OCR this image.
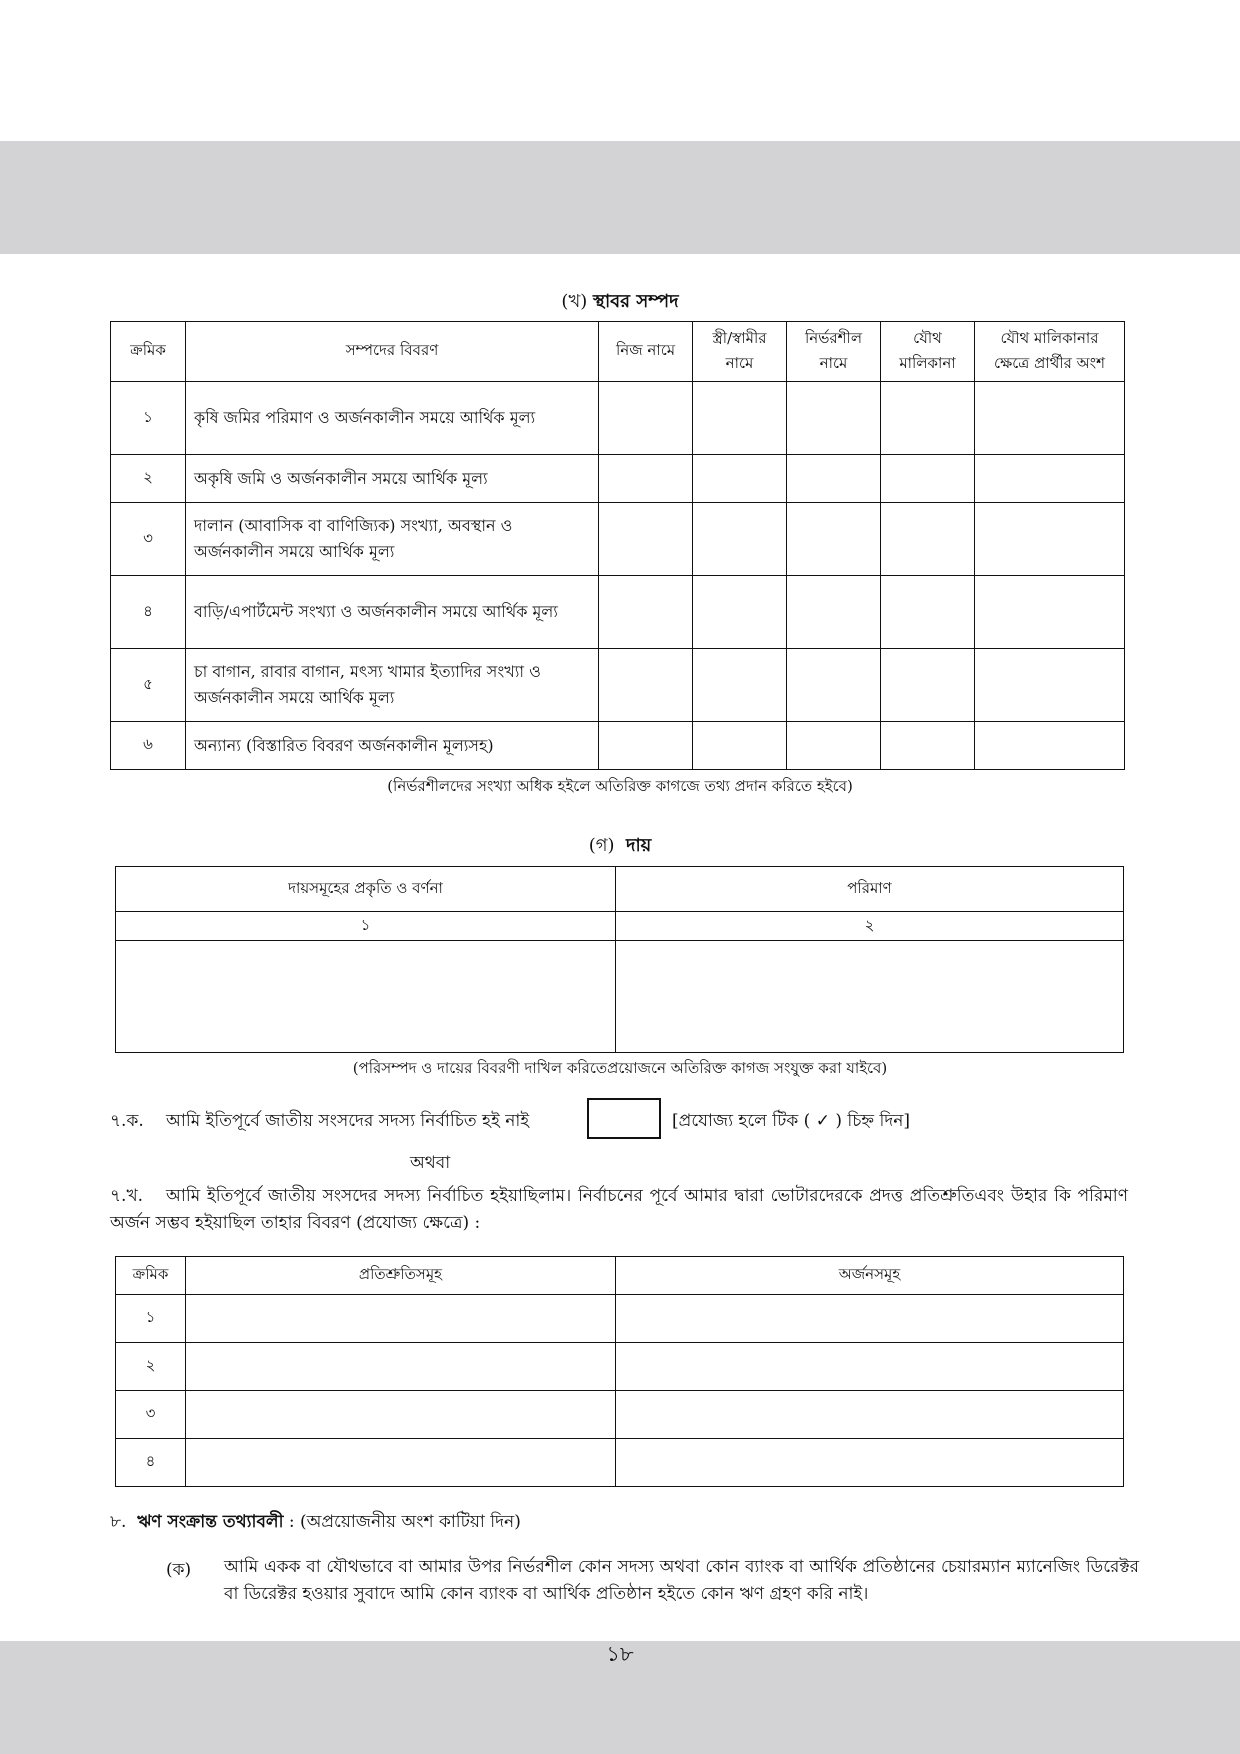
(খ) স্থাবর সম্পদ
ক্রমিক	সম্পদের বিবরণ	নিজ নামে	স্ত্রী/স্বামীর নামে	নির্ভরশীল নামে	যৌথ মালিকানা	যৌথ মালিকানার ক্ষেত্রে প্রার্থীর অংশ
১	কৃষি জমির পরিমাণ ও অর্জনকালীন সময়ে আর্থিক মূল্য					
২	অকৃষি জমি ও অর্জনকালীন সময়ে আর্থিক মূল্য					
৩	দালান (আবাসিক বা বাণিজ্যিক) সংখ্যা, অবস্থান ও অর্জনকালীন সময়ে আর্থিক মূল্য					
৪	বাড়ি/এপার্টমেন্ট সংখ্যা ও অর্জনকালীন সময়ে আর্থিক মূল্য					
৫	চা বাগান, রাবার বাগান, মৎস্য খামার ইত্যাদির সংখ্যা ও অর্জনকালীন সময়ে আর্থিক মূল্য					
৬	অন্যান্য (বিস্তারিত বিবরণ অর্জনকালীন মূল্যসহ)					
(নির্ভরশীলদের সংখ্যা অধিক হইলে অতিরিক্ত কাগজে তথ্য প্রদান করিতে হইবে)
(গ) দায়
দায়সমূহের প্রকৃতি ও বর্ণনা	পরিমাণ
১	২

(পরিসম্পদ ও দায়ের বিবরণী দাখিল করিতেপ্রয়োজনে অতিরিক্ত কাগজ সংযুক্ত করা যাইবে)
৭.ক. আমি ইতিপূর্বে জাতীয় সংসদের সদস্য নির্বাচিত হই নাই	[প্রযোজ্য হলে টিক ( ✓ ) চিহ্ন দিন]
অথবা
৭.খ.	আমি ইতিপূর্বে জাতীয় সংসদের সদস্য নির্বাচিত হইয়াছিলাম। নির্বাচনের পূর্বে আমার দ্বারা ভোটারদেরকে প্রদত্ত প্রতিশ্রুতিএবং উহার কি পরিমাণ অর্জন সম্ভব হইয়াছিল তাহার বিবরণ (প্রযোজ্য ক্ষেত্রে) :
ক্রমিক	প্রতিশ্রুতিসমূহ	অর্জনসমূহ
১		
২		
৩		
৪		
৮. ঋণ সংক্রান্ত তথ্যাবলী : (অপ্রয়োজনীয় অংশ কাটিয়া দিন)
(ক) আমি একক বা যৌথভাবে বা আমার উপর নির্ভরশীল কোন সদস্য অথবা কোন ব্যাংক বা আর্থিক প্রতিষ্ঠানের চেয়ারম্যান ম্যানেজিং ডিরেক্টর বা ডিরেক্টর হওয়ার সুবাদে আমি কোন ব্যাংক বা আর্থিক প্রতিষ্ঠান হইতে কোন ঋণ গ্রহণ করি নাই।
১৮
